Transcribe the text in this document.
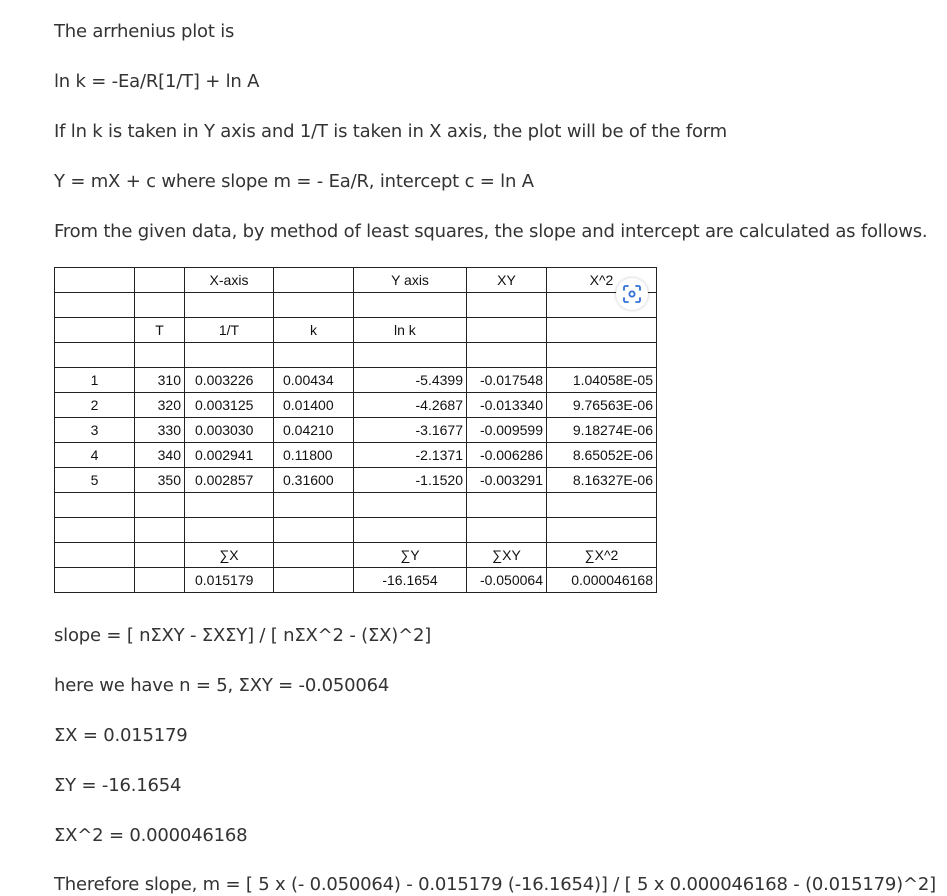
The arrhenius plot is
ln k = -Ea/R[1/T] + ln A
If ln k is taken in Y axis and 1/T is taken in X axis, the plot will be of the form
Y = mX + c where slope m = - Ea/R, intercept c = ln A
From the given data, by method of least squares, the slope and intercept are calculated as follows.
		X-axis		Y axis	XY	X^2

	T	1/T	k	ln k		

1	310	0.003226	0.00434	-5.4399	-0.017548	1.04058E-05
2	320	0.003125	0.01400	-4.2687	-0.013340	9.76563E-06
3	330	0.003030	0.04210	-3.1677	-0.009599	9.18274E-06
4	340	0.002941	0.11800	-2.1371	-0.006286	8.65052E-06
5	350	0.002857	0.31600	-1.1520	-0.003291	8.16327E-06

		∑X		∑Y	∑XY	∑X^2
		0.015179		-16.1654	-0.050064	0.000046168
slope = [ nΣXY - ΣXΣY] / [ nΣX^2 - (ΣX)^2]
here we have n = 5, ΣXY = -0.050064
ΣX = 0.015179
ΣY = -16.1654
ΣX^2 = 0.000046168
Therefore slope, m = [ 5 x (- 0.050064) - 0.015179 (-16.1654)] / [ 5 x 0.000046168 - (0.015179)^2]
